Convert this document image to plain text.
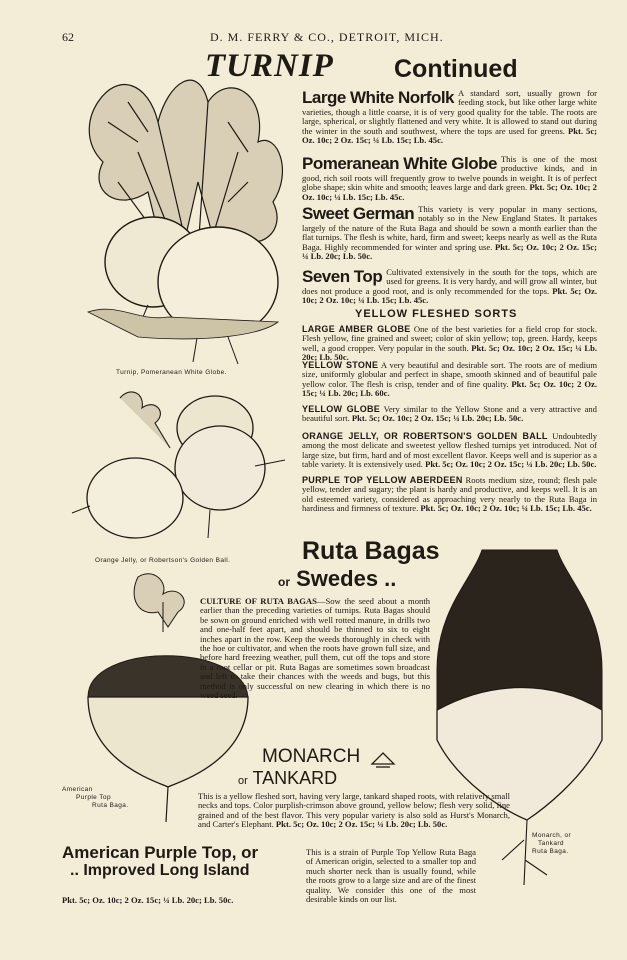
62	D. M. FERRY & CO., DETROIT, MICH.
TURNIP Continued
Turnip, Pomeranean White Globe.
Orange Jelly, or Robertson's Golden Ball.
Large White Norfolk A standard sort, usually grown for feeding stock, but like other large white varieties, though a little coarse, it is of very good quality for the table. The roots are large, spherical, or slightly flattened and very white. It is allowed to stand out during the winter in the south and southwest, where the tops are used for greens. Pkt. 5c; Oz. 10c; 2 Oz. 15c; ¼ Lb. 15c; Lb. 45c.
Pomeranean White Globe This is one of the most productive kinds, and in good, rich soil roots will frequently grow to twelve pounds in weight. It is of perfect globe shape; skin white and smooth; leaves large and dark green. Pkt. 5c; Oz. 10c; 2 Oz. 10c; ¼ Lb. 15c; Lb. 45c.
Sweet German This variety is very popular in many sections, notably so in the New England States. It partakes largely of the nature of the Ruta Baga and should be sown a month earlier than the flat turnips. The flesh is white, hard, firm and sweet; keeps nearly as well as the Ruta Baga. Highly recommended for winter and spring use. Pkt. 5c; Oz. 10c; 2 Oz. 15c; ¼ Lb. 20c; Lb. 50c.
Seven Top Cultivated extensively in the south for the tops, which are used for greens. It is very hardy, and will grow all winter, but does not produce a good root, and is only recommended for the tops. Pkt. 5c; Oz. 10c; 2 Oz. 10c; ¼ Lb. 15c; Lb. 45c.
YELLOW FLESHED SORTS
LARGE AMBER GLOBE One of the best varieties for a field crop for stock. Flesh yellow, fine grained and sweet; color of skin yellow; top, green. Hardy, keeps well, a good cropper. Very popular in the south. Pkt. 5c; Oz. 10c; 2 Oz. 15c; ¼ Lb. 20c; Lb. 50c.
YELLOW STONE A very beautiful and desirable sort. The roots are of medium size, uniformly globular and perfect in shape, smooth skinned and of beautiful pale yellow color. The flesh is crisp, tender and of fine quality. Pkt. 5c; Oz. 10c; 2 Oz. 15c; ¼ Lb. 20c; Lb. 60c.
YELLOW GLOBE Very similar to the Yellow Stone and a very attractive and beautiful sort. Pkt. 5c; Oz. 10c; 2 Oz. 15c; ¼ Lb. 20c; Lb. 50c.
ORANGE JELLY, OR ROBERTSON'S GOLDEN BALL Undoubtedly among the most delicate and sweetest yellow fleshed turnips yet introduced. Not of large size, but firm, hard and of most excellent flavor. Keeps well and is superior as a table variety. It is extensively used. Pkt. 5c; Oz. 10c; 2 Oz. 15c; ¼ Lb. 20c; Lb. 50c.
PURPLE TOP YELLOW ABERDEEN Roots medium size, round; flesh pale yellow, tender and sugary; the plant is hardy and productive, and keeps well. It is an old esteemed variety, considered as approaching very nearly to the Ruta Baga in hardiness and firmness of texture. Pkt. 5c; Oz. 10c; 2 Oz. 10c; ¼ Lb. 15c; Lb. 45c.
Ruta Bagas
or Swedes ..
American
Purple Top
Ruta Baga.
CULTURE OF RUTA BAGAS—Sow the seed about a month earlier than the preceding varieties of turnips. Ruta Bagas should be sown on ground enriched with well rotted manure, in drills two and one-half feet apart, and should be thinned to six to eight inches apart in the row. Keep the weeds thoroughly in check with the hoe or cultivator, and when the roots have grown full size, and before hard freezing weather, pull them, cut off the tops and store in a root cellar or pit. Ruta Bagas are sometimes sown broadcast and left to take their chances with the weeds and bugs, but this method is only successful on new clearing in which there is no weed seed.
Monarch, or
Tankard
Ruta Baga.
MONARCH
or TANKARD
This is a yellow fleshed sort, having very large, tankard shaped roots, with relatively small necks and tops. Color purplish-crimson above ground, yellow below; flesh very solid, fine grained and of the best flavor. This very popular variety is also sold as Hurst's Monarch, and Carter's Elephant. Pkt. 5c; Oz. 10c; 2 Oz. 15c; ¼ Lb. 20c; Lb. 50c.
American Purple Top, or
.. Improved Long Island
This is a strain of Purple Top Yellow Ruta Baga of American origin, selected to a smaller top and much shorter neck than is usually found, while the roots grow to a large size and are of the finest quality. We consider this one of the most desirable kinds on our list.
Pkt. 5c; Oz. 10c; 2 Oz. 15c; ¼ Lb. 20c; Lb. 50c.
